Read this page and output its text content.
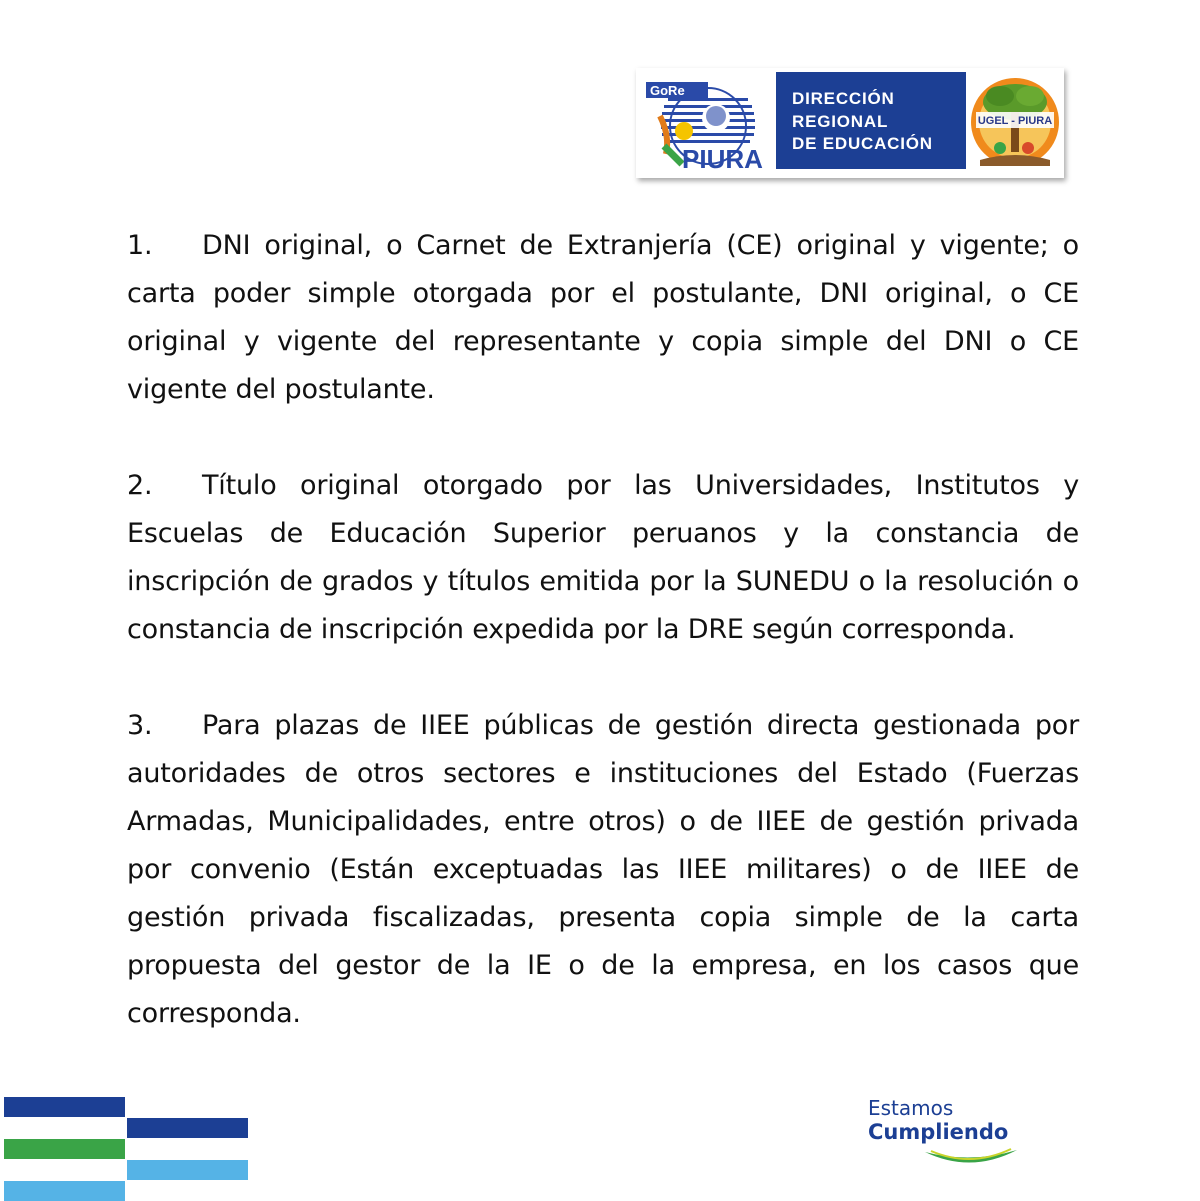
GoRe
PIURA
DIRECCIÓN
REGIONAL
DE EDUCACIÓN
UGEL - PIURA
1. DNI original, o Carnet de Extranjería (CE) original y vigente; o carta poder simple otorgada por el postulante, DNI original, o CE original y vigente del representante y copia simple del DNI o CE vigente del postulante.
2. Título original otorgado por las Universidades, Institutos y Escuelas de Educación Superior peruanos y la constancia de inscripción de grados y títulos emitida por la SUNEDU o la resolución o constancia de inscripción expedida por la DRE según corresponda.
3. Para plazas de IIEE públicas de gestión directa gestionada por autoridades de otros sectores e instituciones del Estado (Fuerzas Armadas, Municipalidades, entre otros) o de IIEE de gestión privada por convenio (Están exceptuadas las IIEE militares) o de IIEE de gestión privada fiscalizadas, presenta copia simple de la carta propuesta del gestor de la IE o de la empresa, en los casos que corresponda.
Estamos
Cumpliendo
